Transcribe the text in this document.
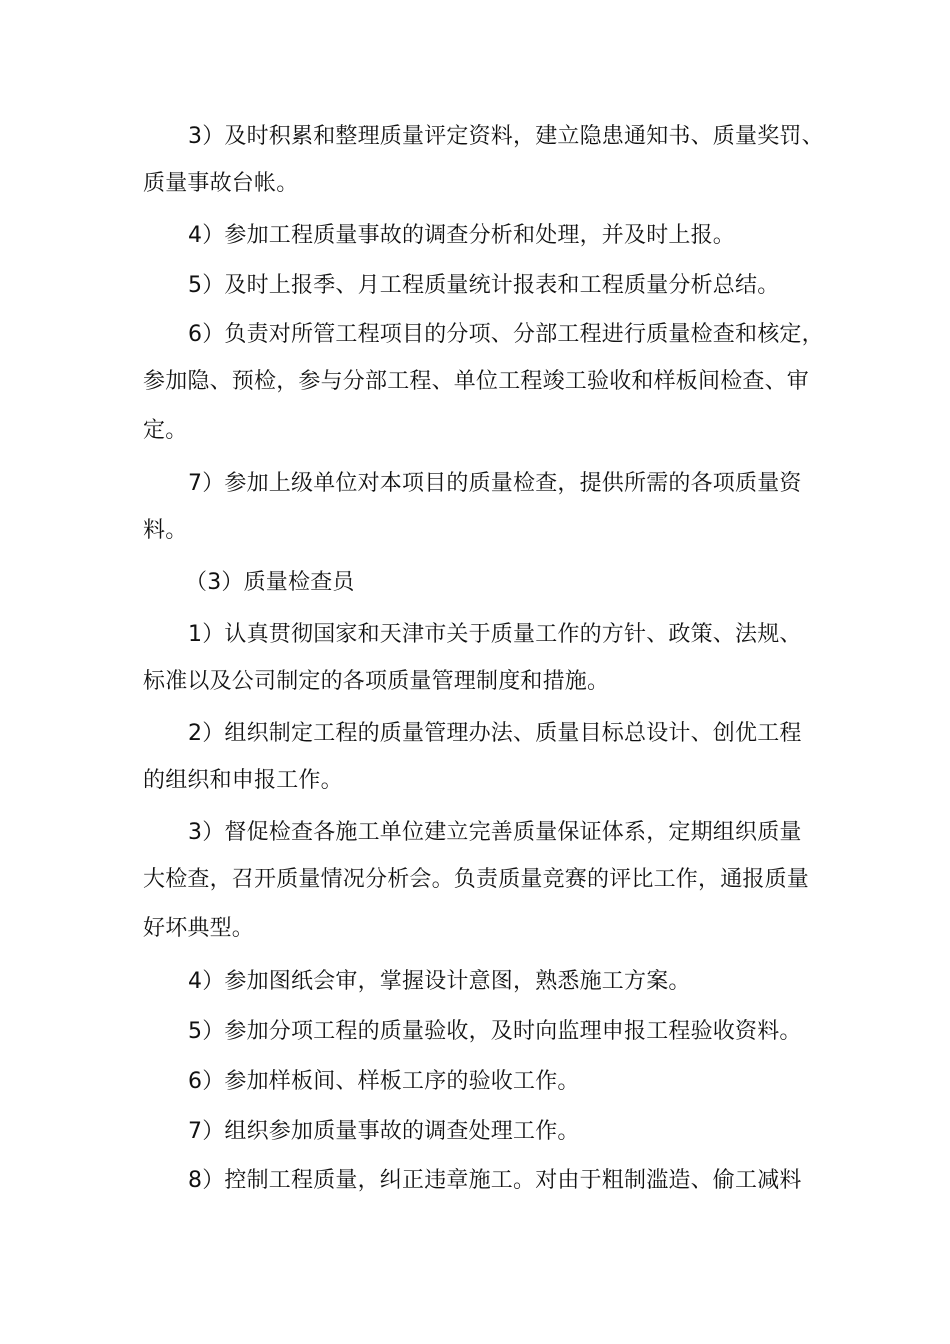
3）及时积累和整理质量评定资料，建立隐患通知书、质量奖罚、
质量事故台帐。
4）参加工程质量事故的调查分析和处理，并及时上报。
5）及时上报季、月工程质量统计报表和工程质量分析总结。
6）负责对所管工程项目的分项、分部工程进行质量检查和核定，
参加隐、预检，参与分部工程、单位工程竣工验收和样板间检查、审
定。
7）参加上级单位对本项目的质量检查，提供所需的各项质量资
料。
（3）质量检查员
1）认真贯彻国家和天津市关于质量工作的方针、政策、法规、
标准以及公司制定的各项质量管理制度和措施。
2）组织制定工程的质量管理办法、质量目标总设计、创优工程
的组织和申报工作。
3）督促检查各施工单位建立完善质量保证体系，定期组织质量
大检查，召开质量情况分析会。负责质量竞赛的评比工作，通报质量
好坏典型。
4）参加图纸会审，掌握设计意图，熟悉施工方案。
5）参加分项工程的质量验收，及时向监理申报工程验收资料。
6）参加样板间、样板工序的验收工作。
7）组织参加质量事故的调查处理工作。
8）控制工程质量，纠正违章施工。对由于粗制滥造、偷工减料
